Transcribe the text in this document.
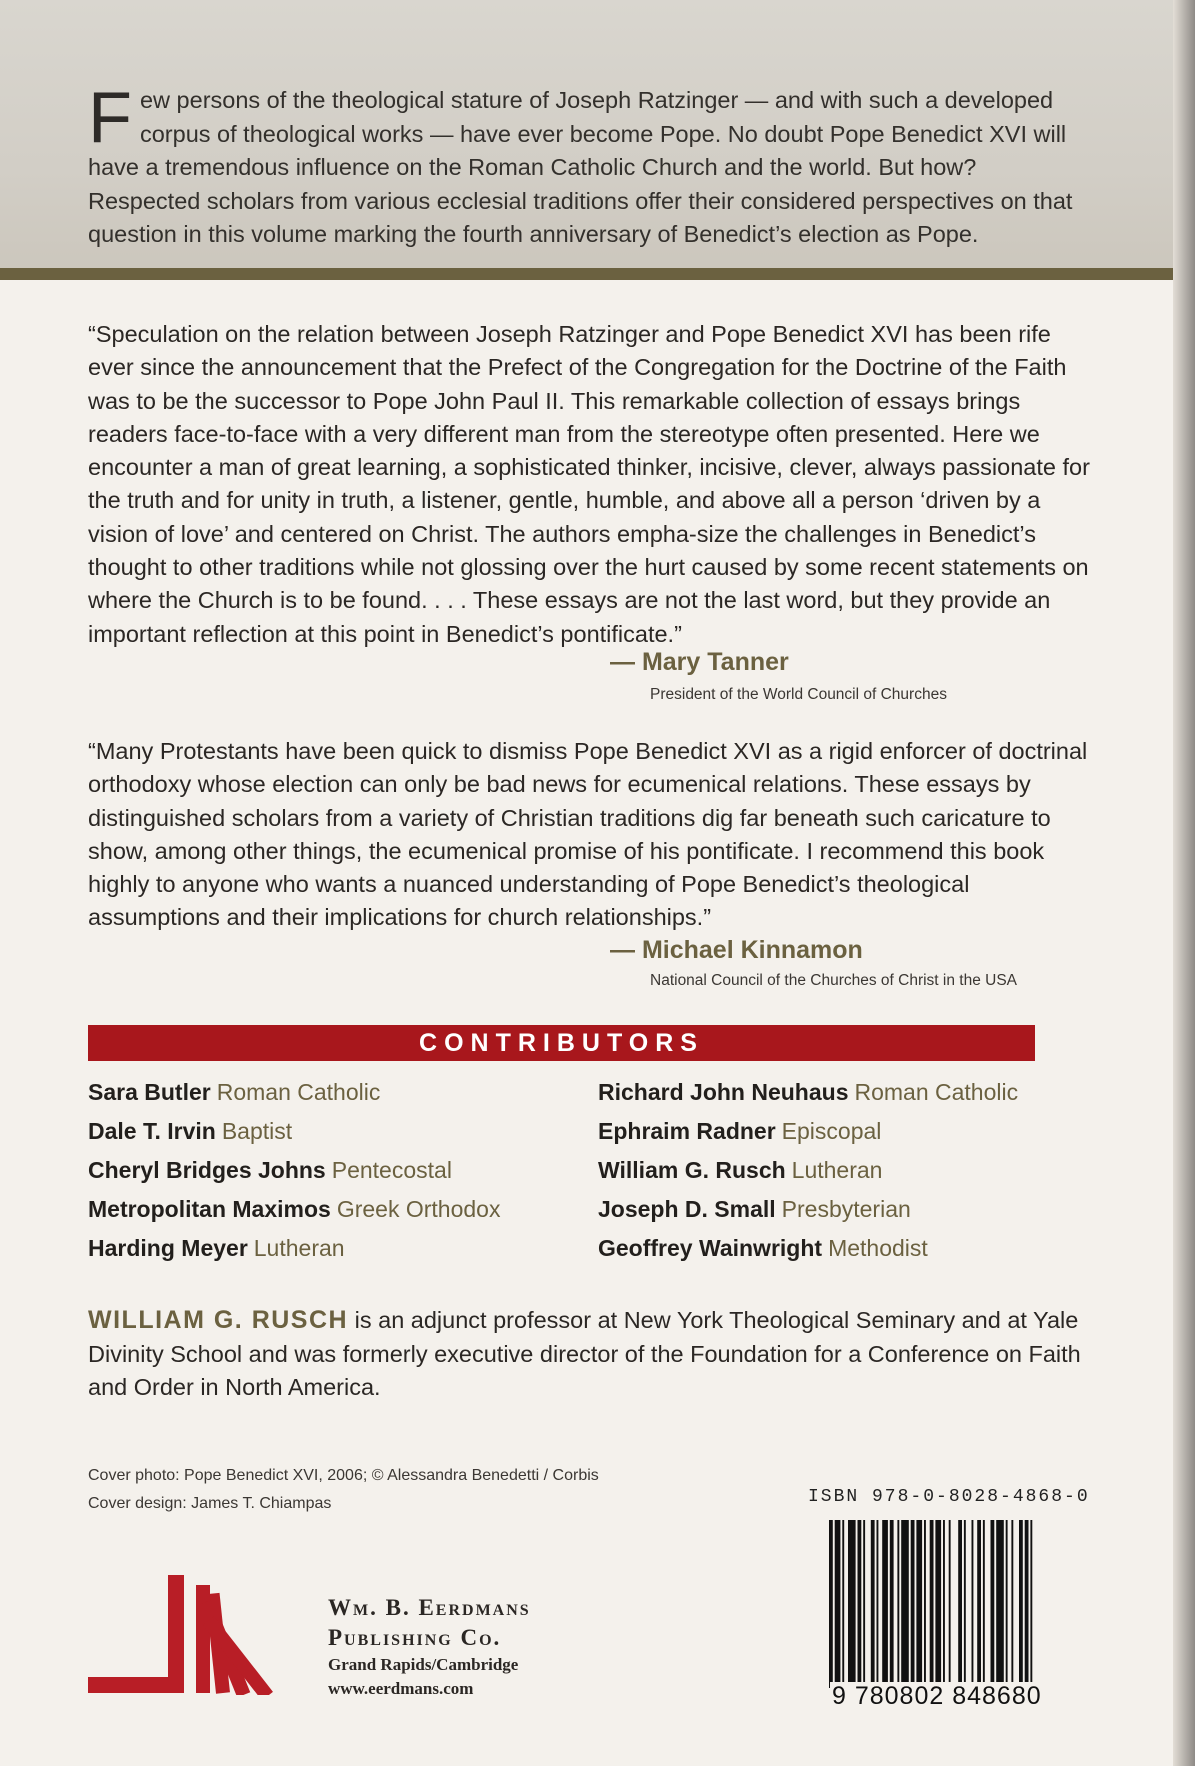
Few persons of the theological stature of Joseph Ratzinger — and with such a developed corpus of theological works — have ever become Pope. No doubt Pope Benedict XVI will have a tremendous influence on the Roman Catholic Church and the world. But how? Respected scholars from various ecclesial traditions offer their considered perspectives on that question in this volume marking the fourth anniversary of Benedict’s election as Pope.
“Speculation on the relation between Joseph Ratzinger and Pope Benedict XVI has been rife ever since the announcement that the Prefect of the Congregation for the Doctrine of the Faith was to be the successor to Pope John Paul II. This remarkable collection of essays brings readers face-to-face with a very different man from the stereotype often presented. Here we encounter a man of great learning, a sophisticated thinker, incisive, clever, always passionate for the truth and for unity in truth, a listener, gentle, humble, and above all a person ‘driven by a vision of love’ and centered on Christ. The authors empha-size the challenges in Benedict’s thought to other traditions while not glossing over the hurt caused by some recent statements on where the Church is to be found. . . . These essays are not the last word, but they provide an important reflection at this point in Benedict’s pontificate.”
— Mary Tanner
President of the World Council of Churches
“Many Protestants have been quick to dismiss Pope Benedict XVI as a rigid enforcer of doctrinal orthodoxy whose election can only be bad news for ecumenical relations. These essays by distinguished scholars from a variety of Christian traditions dig far beneath such caricature to show, among other things, the ecumenical promise of his pontificate. I recommend this book highly to anyone who wants a nuanced understanding of Pope Benedict’s theological assumptions and their implications for church relationships.”
— Michael Kinnamon
National Council of the Churches of Christ in the USA
CONTRIBUTORS
Sara Butler Roman Catholic
Dale T. Irvin Baptist
Cheryl Bridges Johns Pentecostal
Metropolitan Maximos Greek Orthodox
Harding Meyer Lutheran
Richard John Neuhaus Roman Catholic
Ephraim Radner Episcopal
William G. Rusch Lutheran
Joseph D. Small Presbyterian
Geoffrey Wainwright Methodist
WILLIAM G. RUSCH is an adjunct professor at New York Theological Seminary and at Yale Divinity School and was formerly executive director of the Foundation for a Conference on Faith and Order in North America.
Cover photo: Pope Benedict XVI, 2006; © Alessandra Benedetti / Corbis
Cover design: James T. Chiampas	ISBN 978-0-8028-4868-0
9 780802 848680
Wm. B. Eerdmans
Publishing Co.
Grand Rapids/Cambridge
www.eerdmans.com
